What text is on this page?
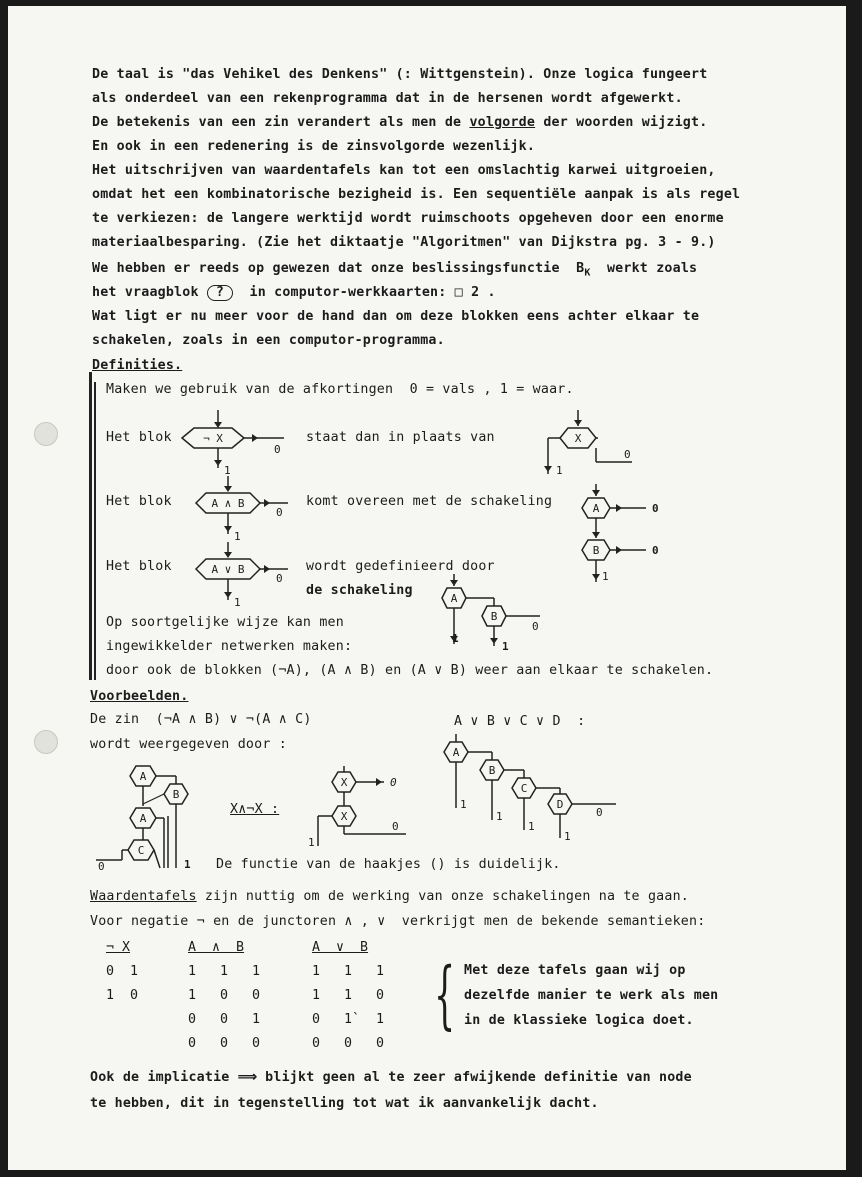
De taal is "das Vehikel des Denkens" (: Wittgenstein). Onze logica fungeert
als onderdeel van een rekenprogramma dat in de hersenen wordt afgewerkt.
De betekenis van een zin verandert als men de volgorde der woorden wijzigt.
En ook in een redenering is de zinsvolgorde wezenlijk.
Het uitschrijven van waardentafels kan tot een omslachtig karwei uitgroeien,
omdat het een kombinatorische bezigheid is. Een sequentiële aanpak is als regel
te verkiezen: de langere werktijd wordt ruimschoots opgeheven door een enorme
materiaalbesparing. (Zie het diktaatje "Algoritmen" van Dijkstra pg. 3 - 9.)
We hebben er reeds op gewezen dat onze beslissingsfunctie  $B_K$  werkt zoals
het vraagblok ?  in computor-werkkaarten: □ 2 .
Wat ligt er nu meer voor de hand dan om deze blokken eens achter elkaar te
schakelen, zoals in een computor-programma.
Definities.
Maken we gebruik van de afkortingen  0 = vals , 1 = waar.
Het blok	staat dan in plaats van
Het blok	komt overeen met de schakeling
Het blok	wordt gedefinieerd door
de schakeling
Op soortgelijke wijze kan men
ingewikkelder netwerken maken:
door ook de blokken (¬A), (A ∧ B) en (A ∨ B) weer aan elkaar te schakelen.
¬ X
0
1
X
1
0
A ∧ B
0
1
A	0
B	0
1
A ∨ B
0
1	A
B
0
1
1
Voorbeelden.
De zin  (¬A ∧ B) ∨ ¬(A ∧ C)	A ∨ B ∨ C ∨ D  :
wordt weergegeven door :
X∧¬X :
De functie van de haakjes () is duidelijk.
A
B
A
C
0	1
X	0
X
1
0
A
B
C
D
0
1
1
1
1
Waardentafels zijn nuttig om de werking van onze schakelingen na te gaan.
Voor negatie ¬ en de junctoren ∧ , ∨  verkrijgt men de bekende semantieken:
¬ X
0  1
1  0
A  ∧  B
1   1   1
1   0   0
0   0   1
0   0   0
A  ∨  B
1   1   1
1   1   0
0   1`  1
0   0   0
{ Met deze tafels gaan wij op
dezelfde manier te werk als men
in de klassieke logica doet.
Ook de implicatie ⟹ blijkt geen al te zeer afwijkende definitie van node
te hebben, dit in tegenstelling tot wat ik aanvankelijk dacht.
